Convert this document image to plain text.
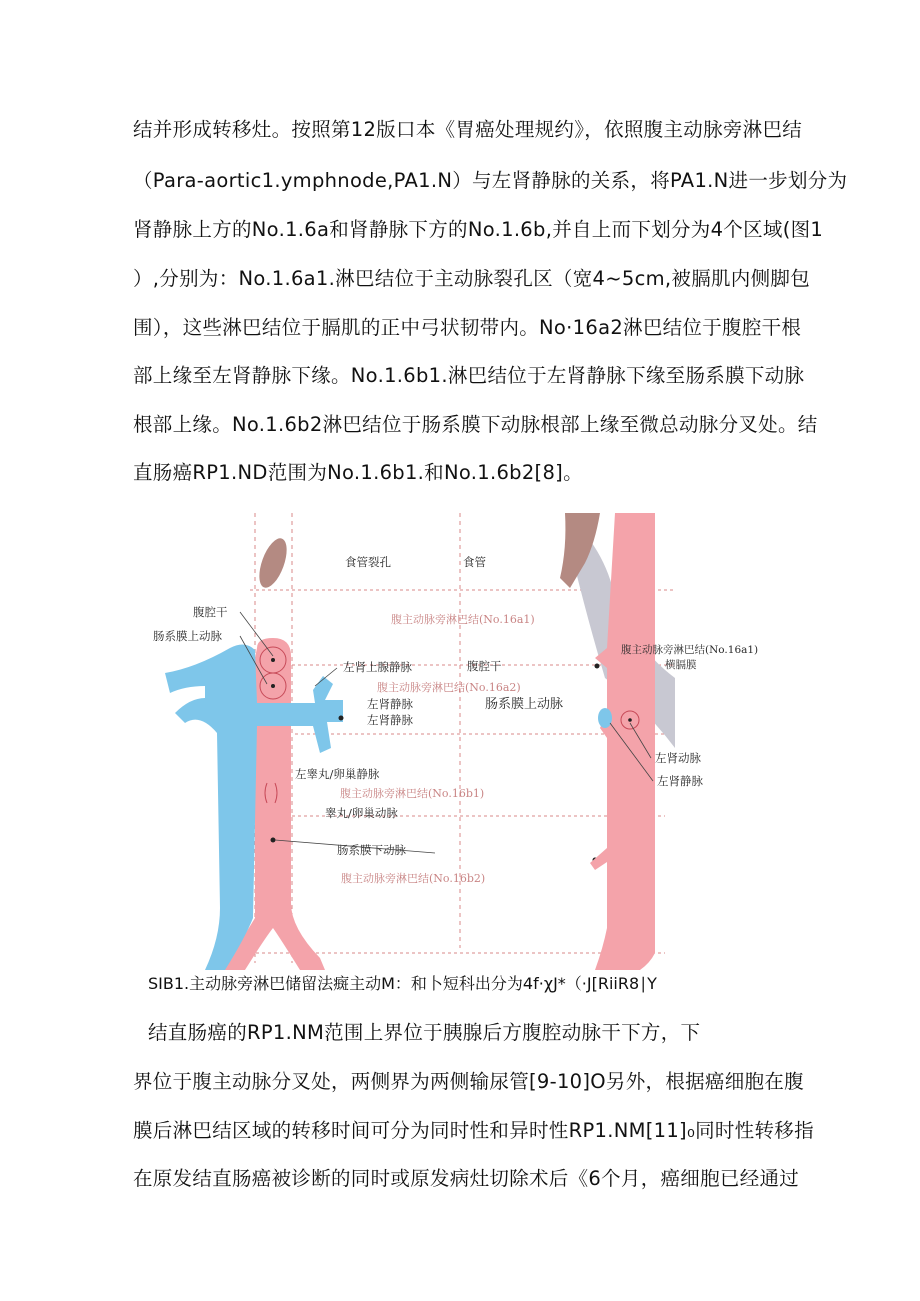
结并形成转移灶。按照第12版口本《胃癌处理规约》，依照腹主动脉旁淋巴结
（Para-aortic1.ymphnode,PA1.N）与左肾静脉的关系，将PA1.N进一步划分为
肾静脉上方的No.1.6a和肾静脉下方的No.1.6b,并自上而下划分为4个区域(图1
）,分别为：No.1.6a1.淋巴结位于主动脉裂孔区（宽4~5cm,被膈肌内侧脚包
围），这些淋巴结位于膈肌的正中弓状韧带内。No·16a2淋巴结位于腹腔干根
部上缘至左肾静脉下缘。No.1.6b1.淋巴结位于左肾静脉下缘至肠系膜下动脉
根部上缘。No.1.6b2淋巴结位于肠系膜下动脉根部上缘至微总动脉分叉处。结
直肠癌RP1.ND范围为No.1.6b1.和No.1.6b2[8]。
食管裂孔	食管
腹腔干
肠系膜上动脉
腹主动脉旁淋巴结(No.16a1)
左肾上腺静脉	腹腔干
腹主动脉旁淋巴结(No.16a2)
左肾静脉	肠系膜上动脉
左肾静脉
左睾丸/卵巢静脉
腹主动脉旁淋巴结(No.16b1)
睾丸/卵巢动脉
肠系膜下动脉
腹主动脉旁淋巴结(No.16b2)
腹主动脉旁淋巴结(No.16a1)
横膈膜
左肾动脉
左肾静脉
SIB1.主动脉旁淋巴储留法癍主动M：和卜短科出分为4f·χJ*（·J[RiiR8∣Y
结直肠癌的RP1.NM范围上界位于胰腺后方腹腔动脉干下方，下
界位于腹主动脉分叉处，两侧界为两侧输尿管[9-10]O另外，根据癌细胞在腹
膜后淋巴结区域的转移时间可分为同时性和异时性RP1.NM[11]₀同时性转移指
在原发结直肠癌被诊断的同时或原发病灶切除术后《6个月，癌细胞已经通过
